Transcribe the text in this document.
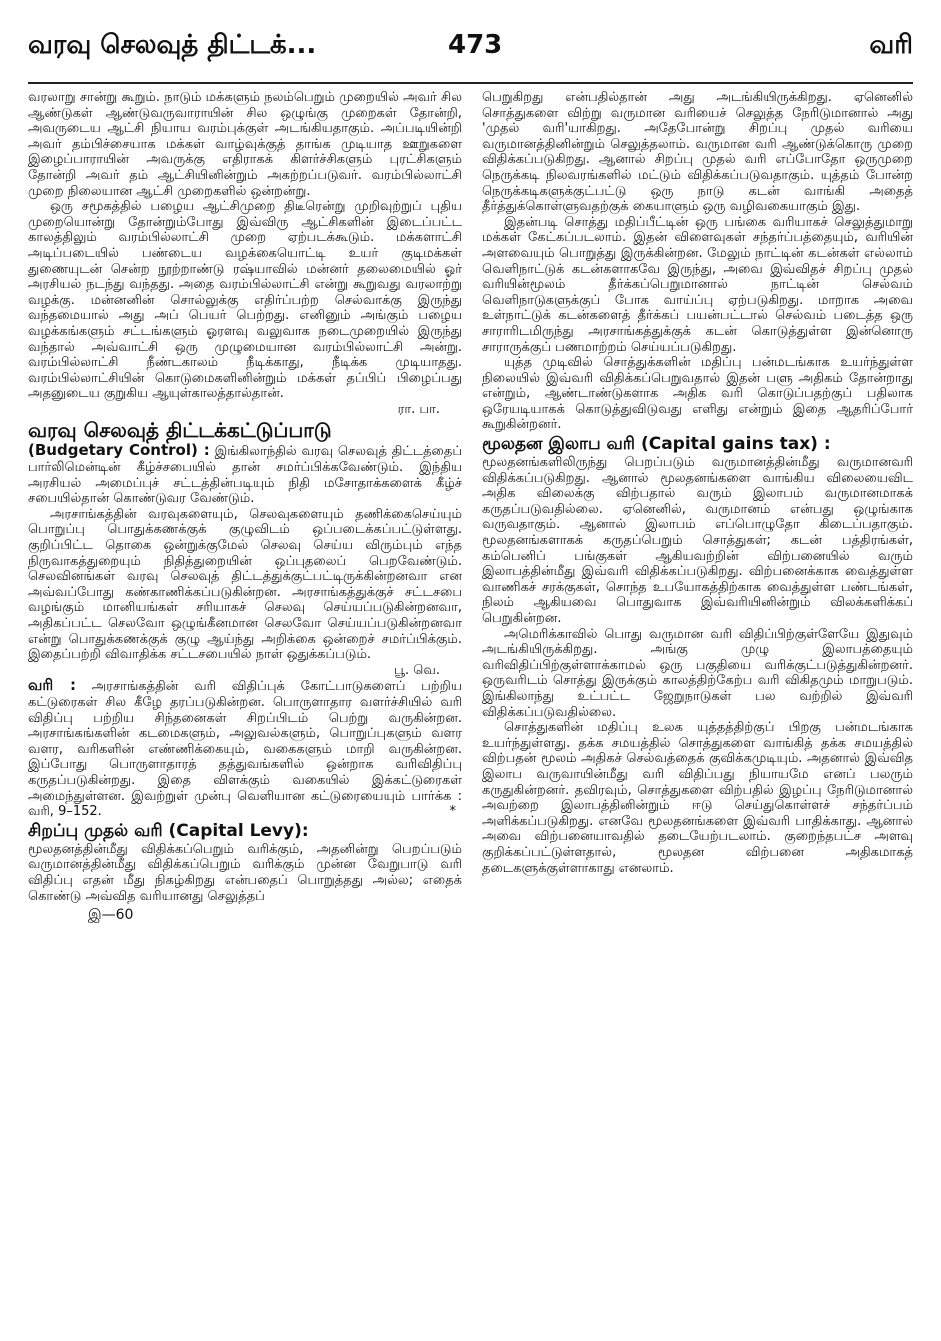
வரவு செலவுத் திட்டக்...	473	வரி

வரலாறு சான்று கூறும். நாடும் மக்களும் நலம்பெறும் முறையில் அவர் சில ஆண்டுகள் ஆண்டுவருவாராயின் சில ஒழுங்கு முறைகள் தோன்றி, அவருடைய ஆட்சி நியாய வரம்புக்குள் அடங்கியதாகும். அப்படியின்றி அவர் தம்பிச்சையாக மக்கள் வாழ்வுக்குத் தாங்க முடியாத ஊறுகளை இழைப்பாராயின் அவருக்கு எதிராகக் கிளர்ச்சிகளும் புரட்சிகளும் தோன்றி அவர் தம் ஆட்சியினின்றும் அகற்றப்படுவர். வரம்பில்லாட்சி முறை நிலையான ஆட்சி முறைகளில் ஒன்றன்று.

ஒரு சமூகத்தில் பழைய ஆட்சிமுறை திடீரென்று முறிவுற்றுப் புதிய முறையொன்று தோன்றும்போது இவ்விரு ஆட்சிகளின் இடைப்பட்ட காலத்திலும் வரம்பில்லாட்சி முறை ஏற்படக்கூடும். மக்களாட்சி அடிப்படையில் பண்டைய வழக்கையொட்டி உயர் குடிமக்கள் துணையுடன் சென்ற நூற்றாண்டு ரஷ்யாவில் மன்னர் தலைமையில் ஓர் அரசியல் நடந்து வந்தது. அதை வரம்பில்லாட்சி என்று கூறுவது வரலாற்று வழக்கு. மன்னனின் சொல்லுக்கு எதிர்ப்பற்ற செல்வாக்கு இருந்து வந்தமையால் அது அப் பெயர் பெற்றது. எனினும் அங்கும் பழைய வழக்கங்களும் சட்டங்களும் ஓரளவு வலுவாக நடைமுறையில் இருந்து வந்தால் அவ்வாட்சி ஒரு முழுமையான வரம்பில்லாட்சி அன்று. வரம்பில்லாட்சி நீண்டகாலம் நீடிக்காது, நீடிக்க முடியாதது. வரம்பில்லாட்சியின் கொடுமைகளினின்றும் மக்கள் தப்பிப் பிழைப்பது அதனுடைய குறுகிய ஆயுள்காலத்தால்தான்.

ரா. பா.

வரவு செலவுத் திட்டக்கட்டுப்பாடு

(Budgetary Control) : இங்கிலாந்தில் வரவு செலவுத் திட்டத்தைப் பார்லிமென்டின் கீழ்ச்சபையில் தான் சமர்ப்பிக்கவேண்டும். இந்திய அரசியல் அமைப்புச் சட்டத்தின்படியும் நிதி மசோதாக்களைக் கீழ்ச் சபையில்தான் கொண்டுவர வேண்டும்.

அரசாங்கத்தின் வரவுகளையும், செலவுகளையும் தணிக்கைசெய்யும் பொறுப்பு பொதுக்கணக்குக் குழுவிடம் ஒப்படைக்கப்பட்டுள்ளது. குறிப்பிட்ட தொகை ஒன்றுக்குமேல் செலவு செய்ய விரும்பும் எந்த நிருவாகத்துறையும் நிதித்துறையின் ஒப்புதலைப் பெறவேண்டும். செலவினங்கள் வரவு செலவுத் திட்டத்துக்குட்பட்டிருக்கின்றனவா என அவ்வப்போது கண்காணிக்கப்படுகின்றன. அரசாங்கத்துக்குச் சட்டசபை வழங்கும் மானியங்கள் சரியாகச் செலவு செய்யப்படுகின்றனவா, அதிகப்பட்ட செலவோ ஒழுங்கீனமான செலவோ செய்யப்படுகின்றனவா என்று பொதுக்கணக்குக் குழு ஆய்ந்து அறிக்கை ஒன்றைச் சமர்ப்பிக்கும். இதைப்பற்றி விவாதிக்க சட்டசபையில் நாள் ஒதுக்கப்படும்.

பூ. வெ.

வரி : அரசாங்கத்தின் வரி விதிப்புக் கோட்பாடுகளைப் பற்றிய கட்டுரைகள் சில கீழே தரப்படுகின்றன. பொருளாதார வளர்ச்சியில் வரி விதிப்பு பற்றிய சிந்தனைகள் சிறப்பிடம் பெற்று வருகின்றன. அரசாங்கங்களின் கடமைகளும், அலுவல்களும், பொறுப்புகளும் வளர வளர, வரிகளின் எண்ணிக்கையும், வகைகளும் மாறி வருகின்றன. இப்போது பொருளாதாரத் தத்துவங்களில் ஒன்றாக வரிவிதிப்பு கருதப்படுகின்றது. இதை விளக்கும் வகையில் இக்கட்டுரைகள் அமைந்துள்ளன. இவற்றுள் முன்பு வெளியான கட்டுரையையும் பார்க்க : வரி, 9–152.	*

சிறப்பு முதல் வரி (Capital Levy):

மூலதனத்தின்மீது விதிக்கப்பெறும் வரிக்கும், அதனின்று பெறப்படும் வருமானத்தின்மீது விதிக்கப்பெறும் வரிக்கும் முன்ன வேறுபாடு வரி விதிப்பு எதன் மீது நிகழ்கிறது என்பதைப் பொறுத்தது அல்ல; எதைக் கொண்டு அவ்வித வரியானது செலுத்தப்

இ—60

பெறுகிறது என்பதில்தான் அது அடங்கியிருக்கிறது. ஏனெனில் சொத்துகளை விற்று வருமான வரியைச் செலுத்த நேரிடுமானால் அது 'முதல் வரி'யாகிறது. அதேபோன்று சிறப்பு முதல் வரியை வருமானத்தினின்றும் செலுத்தலாம். வருமான வரி ஆண்டுக்கொரு முறை விதிக்கப்படுகிறது. ஆனால் சிறப்பு முதல் வரி எப்போதோ ஒருமுறை நெருக்கடி நிலவரங்களில் மட்டும் விதிக்கப்படுவதாகும். யுத்தம் போன்ற நெருக்கடிகளுக்குட்பட்டு ஒரு நாடு கடன் வாங்கி அதைத் தீர்த்துக்கொள்ளுவதற்குக் கையாளும் ஒரு வழிவகையாகும் இது.

இதன்படி சொத்து மதிப்பீட்டின் ஒரு பங்கை வரியாகச் செலுத்துமாறு மக்கள் கேட்கப்படலாம். இதன் விளைவுகள் சந்தர்ப்பத்தையும், வரியின் அளவையும் பொறுத்து இருக்கின்றன. மேலும் நாட்டின் கடன்கள் எல்லாம் வெளிநாட்டுக் கடன்களாகவே இருந்து, அவை இவ்விதச் சிறப்பு முதல் வரியின்மூலம் தீர்க்கப்பெறுமானால் நாட்டின் செல்வம் வெளிநாடுகளுக்குப் போக வாய்ப்பு ஏற்படுகிறது. மாறாக அவை உள்நாட்டுக் கடன்களைத் தீர்க்கப் பயன்பட்டால் செல்வம் படைத்த ஒரு சாராரிடமிருந்து அரசாங்கத்துக்குக் கடன் கொடுத்துள்ள இன்னொரு சாராருக்குப் பணமாற்றம் செய்யப்படுகிறது.

யுத்த முடிவில் சொத்துக்களின் மதிப்பு பன்மடங்காக உயர்ந்துள்ள நிலையில் இவ்வரி விதிக்கப்பெறுவதால் இதன் பளு அதிகம் தோன்றாது என்றும், ஆண்டாண்டுகளாக அதிக வரி கொடுப்பதற்குப் பதிலாக ஒரேயடியாகக் கொடுத்துவிடுவது எளிது என்றும் இதை ஆதரிப்போர் கூறுகின்றனர்.

மூலதன இலாப வரி (Capital gains tax) :

மூலதனங்களிலிருந்து பெறப்படும் வருமானத்தின்மீது வருமானவரி விதிக்கப்படுகிறது. ஆனால் மூலதனங்களை வாங்கிய விலையைவிட அதிக விலைக்கு விற்பதால் வரும் இலாபம் வருமானமாகக் கருதப்படுவதில்லை. ஏனெனில், வருமானம் என்பது ஒழுங்காக வருவதாகும். ஆனால் இலாபம் எப்பொழுதோ கிடைப்பதாகும். மூலதனங்களாகக் கருதப்பெறும் சொத்துகள்; கடன் பத்திரங்கள், கம்பெனிப் பங்குகள் ஆகியவற்றின் விற்பனையில் வரும் இலாபத்தின்மீது இவ்வரி விதிக்கப்படுகிறது. விற்பனைக்காக வைத்துள்ள வாணிகச் சரக்குகள், சொந்த உபயோகத்திற்காக வைத்துள்ள பண்டங்கள், நிலம் ஆகியவை பொதுவாக இவ்வரியினின்றும் விலக்களிக்கப் பெறுகின்றன.

அமெரிக்காவில் பொது வருமான வரி விதிப்பிற்குள்ளேயே இதுவும் அடங்கியிருக்கிறது. அங்கு முழு இலாபத்தையும் வரிவிதிப்பிற்குள்ளாக்காமல் ஒரு பகுதியை வரிக்குட்படுத்துகின்றனர். ஒருவரிடம் சொத்து இருக்கும் காலத்திற்கேற்ப வரி விகிதமும் மாறுபடும். இங்கிலாந்து உட்பட்ட ஜேறுநாடுகள் பல வற்றில் இவ்வரி விதிக்கப்படுவதில்லை.

சொத்துகளின் மதிப்பு உலக யுத்தத்திற்குப் பிறகு பன்மடங்காக உயர்ந்துள்ளது. தக்க சமயத்தில் சொத்துகளை வாங்கித் தக்க சமயத்தில் விற்பதன் மூலம் அதிகச் செல்வத்தைக் குவிக்கமுடியும். அதனால் இவ்வித இலாப வருவாயின்மீது வரி விதிப்பது நியாயமே எனப் பலரும் கருதுகின்றனர். தவிரவும், சொத்துகளை விற்பதில் இழப்பு நேரிடுமானால் அவற்றை இலாபத்தினின்றும் ஈடு செய்துகொள்ளச் சந்தர்ப்பம் அளிக்கப்படுகிறது. எனவே மூலதனங்களை இவ்வரி பாதிக்காது. ஆனால் அவை விற்பனையாவதில் தடையேற்படலாம். குறைந்தபட்ச அளவு குறிக்கப்பட்டுள்ளதால், மூலதன விற்பனை அதிகமாகத் தடைகளுக்குள்ளாகாது எனலாம்.
